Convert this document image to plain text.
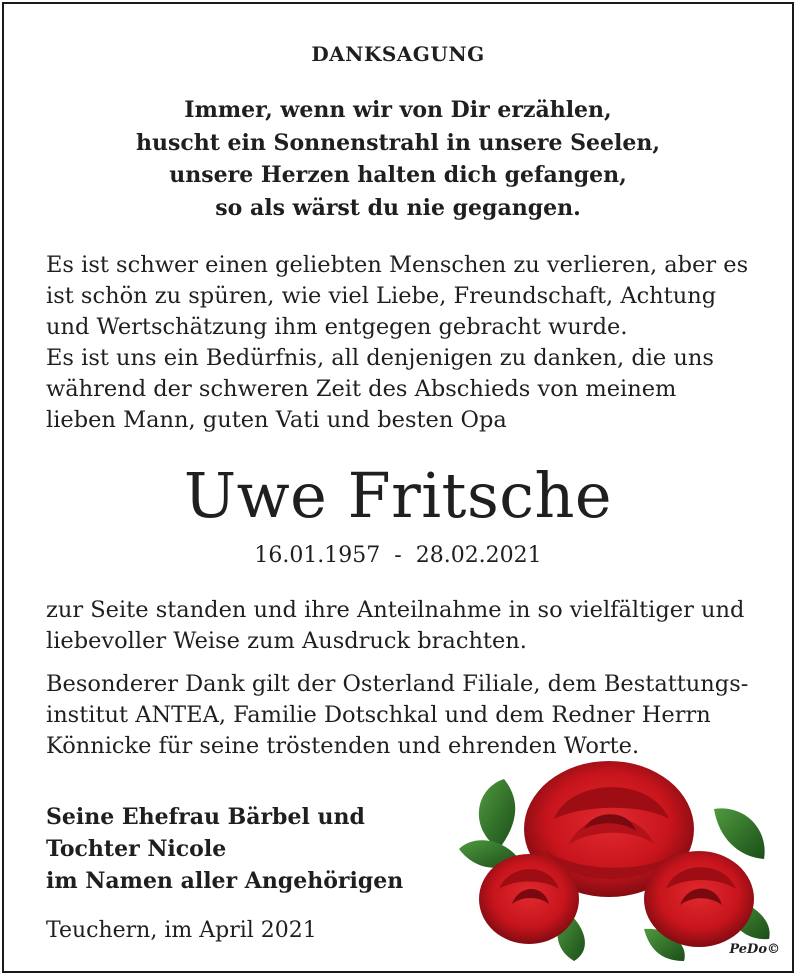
DANKSAGUNG
Immer, wenn wir von Dir erzählen,
huscht ein Sonnenstrahl in unsere Seelen,
unsere Herzen halten dich gefangen,
so als wärst du nie gegangen.
Es ist schwer einen geliebten Menschen zu verlieren, aber es
ist schön zu spüren, wie viel Liebe, Freundschaft, Achtung
und Wertschätzung ihm entgegen gebracht wurde.
Es ist uns ein Bedürfnis, all denjenigen zu danken, die uns
während der schweren Zeit des Abschieds von meinem
lieben Mann, guten Vati und besten Opa
Uwe Fritsche
16.01.1957  -  28.02.2021
zur Seite standen und ihre Anteilnahme in so vielfältiger und
liebevoller Weise zum Ausdruck brachten.
Besonderer Dank gilt der Osterland Filiale, dem Bestattungs-
institut ANTEA, Familie Dotschkal und dem Redner Herrn
Könnicke für seine tröstenden und ehrenden Worte.
Seine Ehefrau Bärbel und
Tochter Nicole
im Namen aller Angehörigen
Teuchern, im April 2021
PeDo©
